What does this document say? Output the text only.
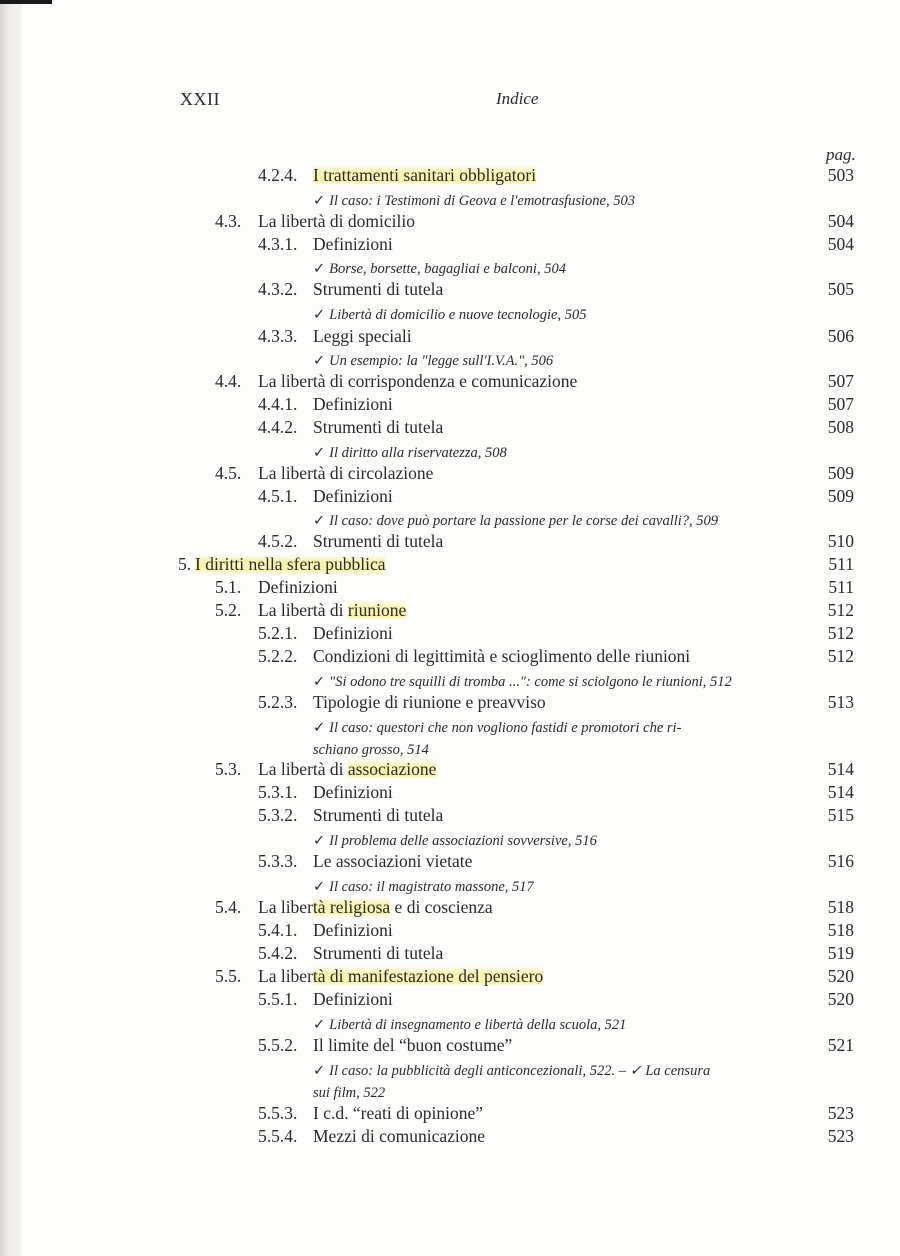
XXII	Indice
pag.
4.2.4. I trattamenti sanitari obbligatori	503
✓ Il caso: i Testimoni di Geova e l'emotrasfusione, 503
4.3. La libertà di domicilio	504
4.3.1. Definizioni	504
✓ Borse, borsette, bagagliai e balconi, 504
4.3.2. Strumenti di tutela	505
✓ Libertà di domicilio e nuove tecnologie, 505
4.3.3. Leggi speciali	506
✓ Un esempio: la "legge sull'I.V.A.", 506
4.4. La libertà di corrispondenza e comunicazione	507
4.4.1. Definizioni	507
4.4.2. Strumenti di tutela	508
✓ Il diritto alla riservatezza, 508
4.5. La libertà di circolazione	509
4.5.1. Definizioni	509
✓ Il caso: dove può portare la passione per le corse dei cavalli?, 509
4.5.2. Strumenti di tutela	510
5. I diritti nella sfera pubblica	511
5.1. Definizioni	511
5.2. La libertà di riunione	512
5.2.1. Definizioni	512
5.2.2. Condizioni di legittimità e scioglimento delle riunioni	512
✓ "Si odono tre squilli di tromba ...": come si sciolgono le riunioni, 512
5.2.3. Tipologie di riunione e preavviso	513
✓ Il caso: questori che non vogliono fastidi e promotori che ri-
schiano grosso, 514
5.3. La libertà di associazione	514
5.3.1. Definizioni	514
5.3.2. Strumenti di tutela	515
✓ Il problema delle associazioni sovversive, 516
5.3.3. Le associazioni vietate	516
✓ Il caso: il magistrato massone, 517
5.4. La libertà religiosa e di coscienza	518
5.4.1. Definizioni	518
5.4.2. Strumenti di tutela	519
5.5. La libertà di manifestazione del pensiero	520
5.5.1. Definizioni	520
✓ Libertà di insegnamento e libertà della scuola, 521
5.5.2. Il limite del “buon costume”	521
✓ Il caso: la pubblicità degli anticoncezionali, 522. – ✓ La censura
sui film, 522
5.5.3. I c.d. “reati di opinione”	523
5.5.4. Mezzi di comunicazione	523
